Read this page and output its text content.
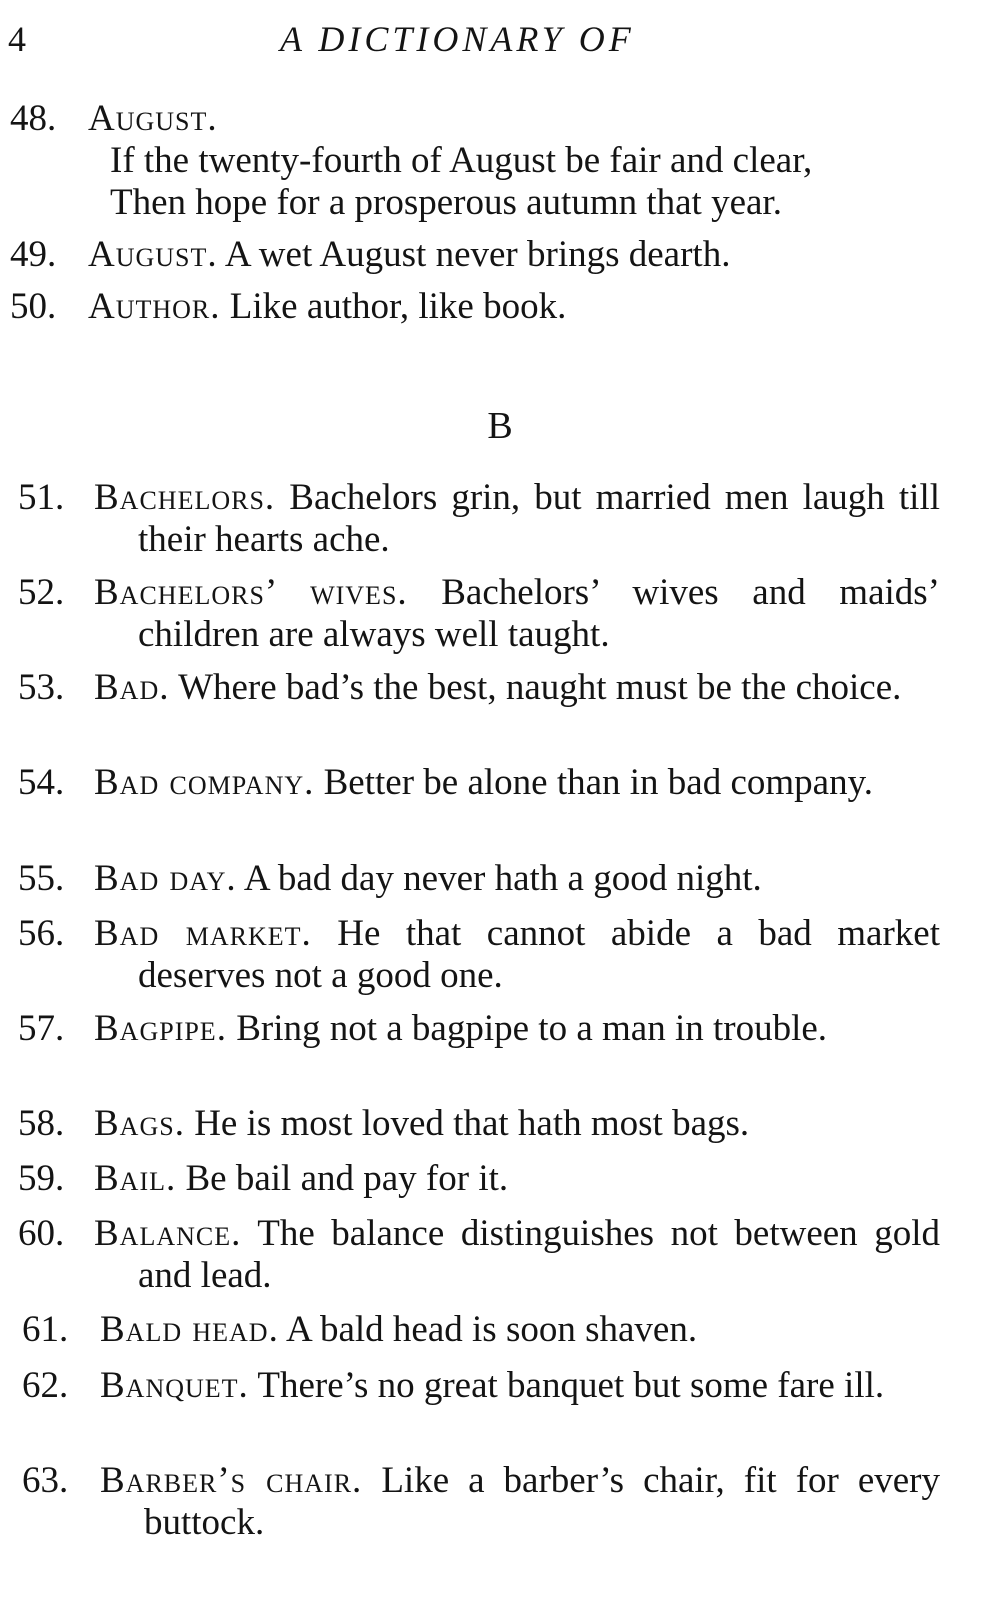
4	A DICTIONARY OF
48. August.
If the twenty-fourth of August be fair and clear,
Then hope for a prosperous autumn that year.
49. August. A wet August never brings dearth.
50. Author. Like author, like book.
B
51. Bachelors. Bachelors grin, but married men laugh till their hearts ache.
52. Bachelors’ wives. Bachelors’ wives and maids’ children are always well taught.
53. Bad. Where bad’s the best, naught must be the choice.
54. Bad company. Better be alone than in bad company.
55. Bad day. A bad day never hath a good night.
56. Bad market. He that cannot abide a bad market deserves not a good one.
57. Bagpipe. Bring not a bagpipe to a man in trouble.
58. Bags. He is most loved that hath most bags.
59. Bail. Be bail and pay for it.
60. Balance. The balance distinguishes not between gold and lead.
61. Bald head. A bald head is soon shaven.
62. Banquet. There’s no great banquet but some fare ill.
63. Barber’s chair. Like a barber’s chair, fit for every buttock.
